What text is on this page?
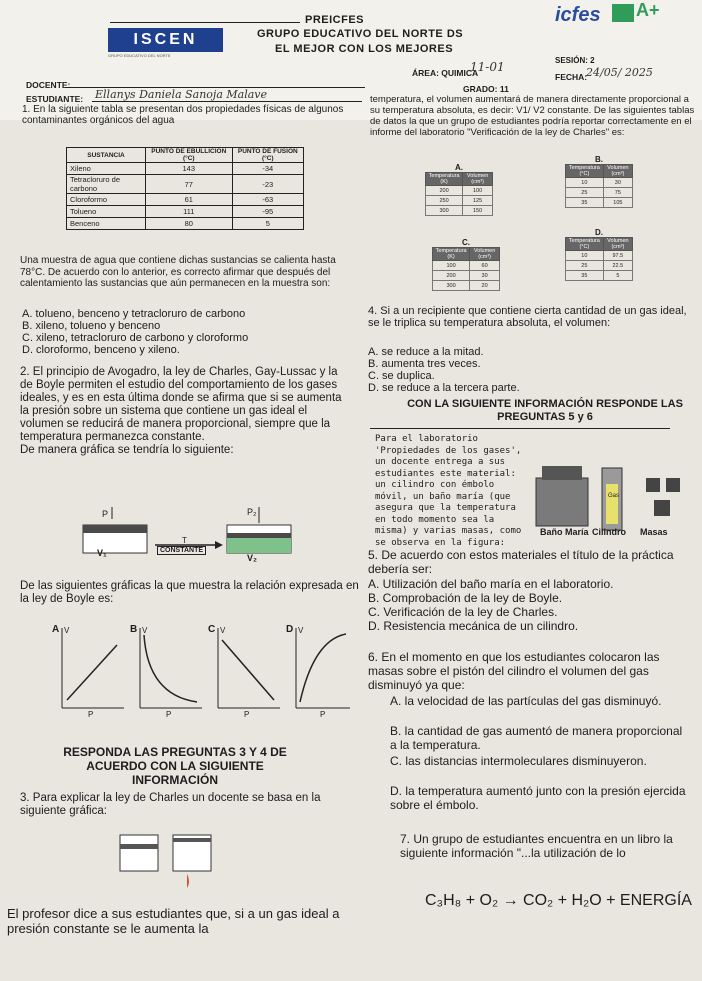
PREICFES
ISCEN
GRUPO EDUCATIVO DEL NORTE
GRUPO EDUCATIVO DEL NORTE DS
EL MEJOR CON LOS MEJORES
icfes A+
SESIÓN: 2
DOCENTE:
ÁREA: QUIMICA
11-01
FECHA:
24/05/ 2025
ESTUDIANTE: Ellanys Daniela Sanoja Malave	GRADO: 11
1. En la siguiente tabla se presentan dos propiedades físicas de algunos contaminantes orgánicos del agua
SUSTANCIA	PUNTO DE EBULLICIÓN (°C)	PUNTO DE FUSIÓN (°C)
Xileno	143	-34
Tetracloruro de carbono	77	-23
Cloroformo	61	-63
Tolueno	111	-95
Benceno	80	5
Una muestra de agua que contiene dichas sustancias se calienta hasta 78°C. De acuerdo con lo anterior, es correcto afirmar que después del calentamiento las sustancias que aún permanecen en la muestra son:
A. tolueno, benceno y tetracloruro de carbono
B. xileno, tolueno y benceno
C. xileno, tetracloruro de carbono y cloroformo
D. cloroformo, benceno y xileno.
2. El principio de Avogadro, la ley de Charles, Gay-Lussac y la de Boyle permiten el estudio del comportamiento de los gases ideales, y es en esta última donde se afirma que si se aumenta la presión sobre un sistema que contiene un gas ideal el volumen se reducirá de manera proporcional, siempre que la temperatura permanezca constante.
De manera gráfica se tendría lo siguiente:
P	P₂
V₁	V₂
T
CONSTANTE
De las siguientes gráficas la que muestra la relación expresada en la ley de Boyle es:
A	B	C	D
V	V	V	V
P	P	P	P
RESPONDA LAS PREGUNTAS 3 Y 4 DE ACUERDO CON LA SIGUIENTE INFORMACIÓN
3. Para explicar la ley de Charles un docente se basa en la siguiente gráfica:
El profesor dice a sus estudiantes que, si a un gas ideal a presión constante se le aumenta la
temperatura, el volumen aumentará de manera directamente proporcional a su temperatura absoluta, es decir: V1/ V2 constante. De las siguientes tablas de datos la que un grupo de estudiantes podría reportar correctamente en el informe del laboratorio "Verificación de la ley de Charles" es:
A.
Temperatura (K)	Volumen (cm³)
200	100
250	125
300	150
B.
Temperatura (°C)	Volumen (cm³)
10	30
25	75
35	105
C.
Temperatura (K)	Volumen (cm³)
100	60
200	30
300	20
D.
Temperatura (°C)	Volumen (cm³)
10	97.5
25	22.5
35	5
4. Si a un recipiente que contiene cierta cantidad de un gas ideal, se le triplica su temperatura absoluta, el volumen:
A. se reduce a la mitad.
B. aumenta tres veces.
C. se duplica.
D. se reduce a la tercera parte.
CON LA SIGUIENTE INFORMACIÓN RESPONDE LAS PREGUNTAS 5 y 6
Para el laboratorio 'Propiedades de los gases', un docente entrega a sus estudiantes este material: un cilindro con émbolo móvil, un baño maría (que asegura que la temperatura en todo momento sea la misma) y varias masas, como se observa en la figura:
Gas
Baño María Cilindro Masas
5. De acuerdo con estos materiales el título de la práctica debería ser:
A. Utilización del baño maría en el laboratorio.
B. Comprobación de la ley de Boyle.
C. Verificación de la ley de Charles.
D. Resistencia mecánica de un cilindro.
6. En el momento en que los estudiantes colocaron las masas sobre el pistón del cilindro el volumen del gas disminuyó ya que:
A. la velocidad de las partículas del gas disminuyó.
B. la cantidad de gas aumentó de manera proporcional a la temperatura.
C. las distancias intermoleculares disminuyeron.
D. la temperatura aumentó junto con la presión ejercida sobre el émbolo.
7. Un grupo de estudiantes encuentra en un libro la siguiente información "...la utilización de lo
C₃H₈ + O₂ → CO₂ + H₂O + ENERGÍA
